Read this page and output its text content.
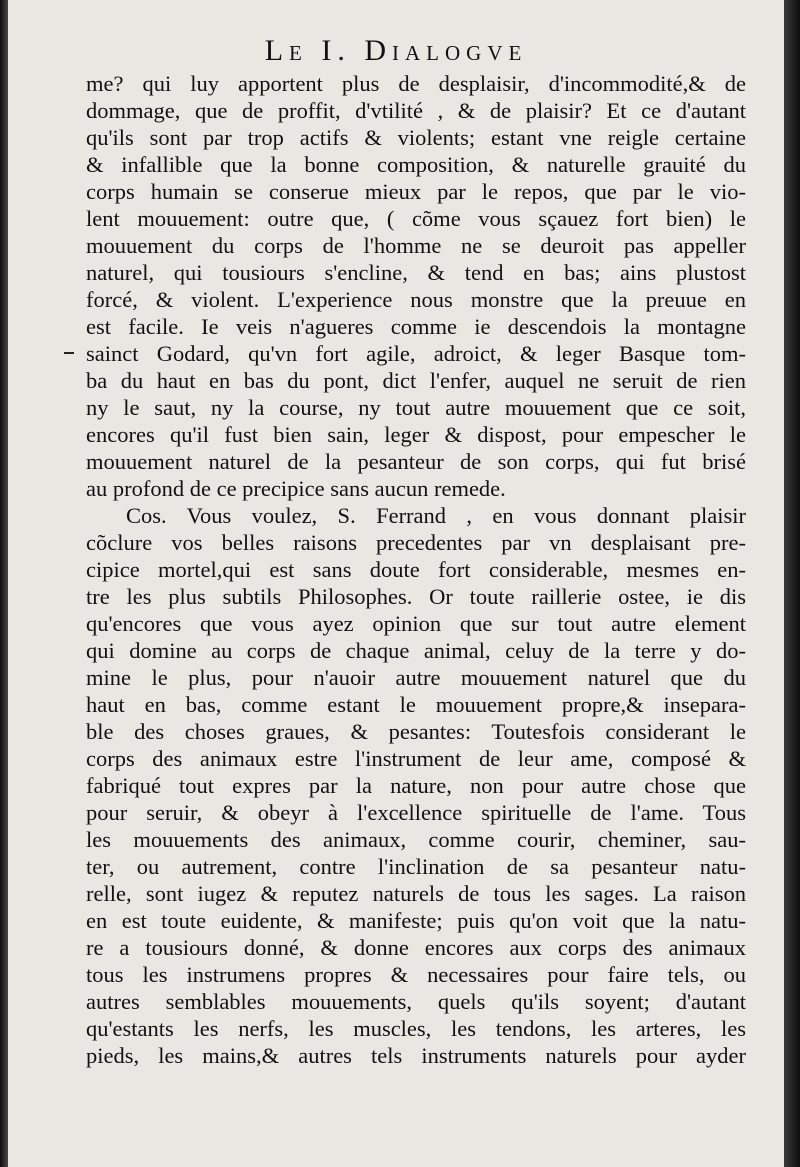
Le I. Dialogve
me? qui luy apportent plus de desplaisir, d'incommodité,& de
dommage, que de proffit, d'vtilité , & de plaisir? Et ce d'autant
qu'ils sont par trop actifs & violents; estant vne reigle certaine
& infallible que la bonne composition, & naturelle grauité du
corps humain se conserue mieux par le repos, que par le vio-
lent mouuement: outre que, ( cõme vous sçauez fort bien) le
mouuement du corps de l'homme ne se deuroit pas appeller
naturel, qui tousiours s'encline, & tend en bas; ains plustost
forcé, & violent. L'experience nous monstre que la preuue en
est facile. Ie veis n'agueres comme ie descendois la montagne
sainct Godard, qu'vn fort agile, adroict, & leger Basque tom-
ba du haut en bas du pont, dict l'enfer, auquel ne seruit de rien
ny le saut, ny la course, ny tout autre mouuement que ce soit,
encores qu'il fust bien sain, leger & dispost, pour empescher le
mouuement naturel de la pesanteur de son corps, qui fut brisé
au profond de ce precipice sans aucun remede.
Cos. Vous voulez, S. Ferrand , en vous donnant plaisir
cõclure vos belles raisons precedentes par vn desplaisant pre-
cipice mortel,qui est sans doute fort considerable, mesmes en-
tre les plus subtils Philosophes. Or toute raillerie ostee, ie dis
qu'encores que vous ayez opinion que sur tout autre element
qui domine au corps de chaque animal, celuy de la terre y do-
mine le plus, pour n'auoir autre mouuement naturel que du
haut en bas, comme estant le mouuement propre,& insepara-
ble des choses graues, & pesantes: Toutesfois considerant le
corps des animaux estre l'instrument de leur ame, composé &
fabriqué tout expres par la nature, non pour autre chose que
pour seruir, & obeyr à l'excellence spirituelle de l'ame. Tous
les mouuements des animaux, comme courir, cheminer, sau-
ter, ou autrement, contre l'inclination de sa pesanteur natu-
relle, sont iugez & reputez naturels de tous les sages. La raison
en est toute euidente, & manifeste; puis qu'on voit que la natu-
re a tousiours donné, & donne encores aux corps des animaux
tous les instrumens propres & necessaires pour faire tels, ou
autres semblables mouuements, quels qu'ils soyent; d'autant
qu'estants les nerfs, les muscles, les tendons, les arteres, les
pieds, les mains,& autres tels instruments naturels pour ayder
